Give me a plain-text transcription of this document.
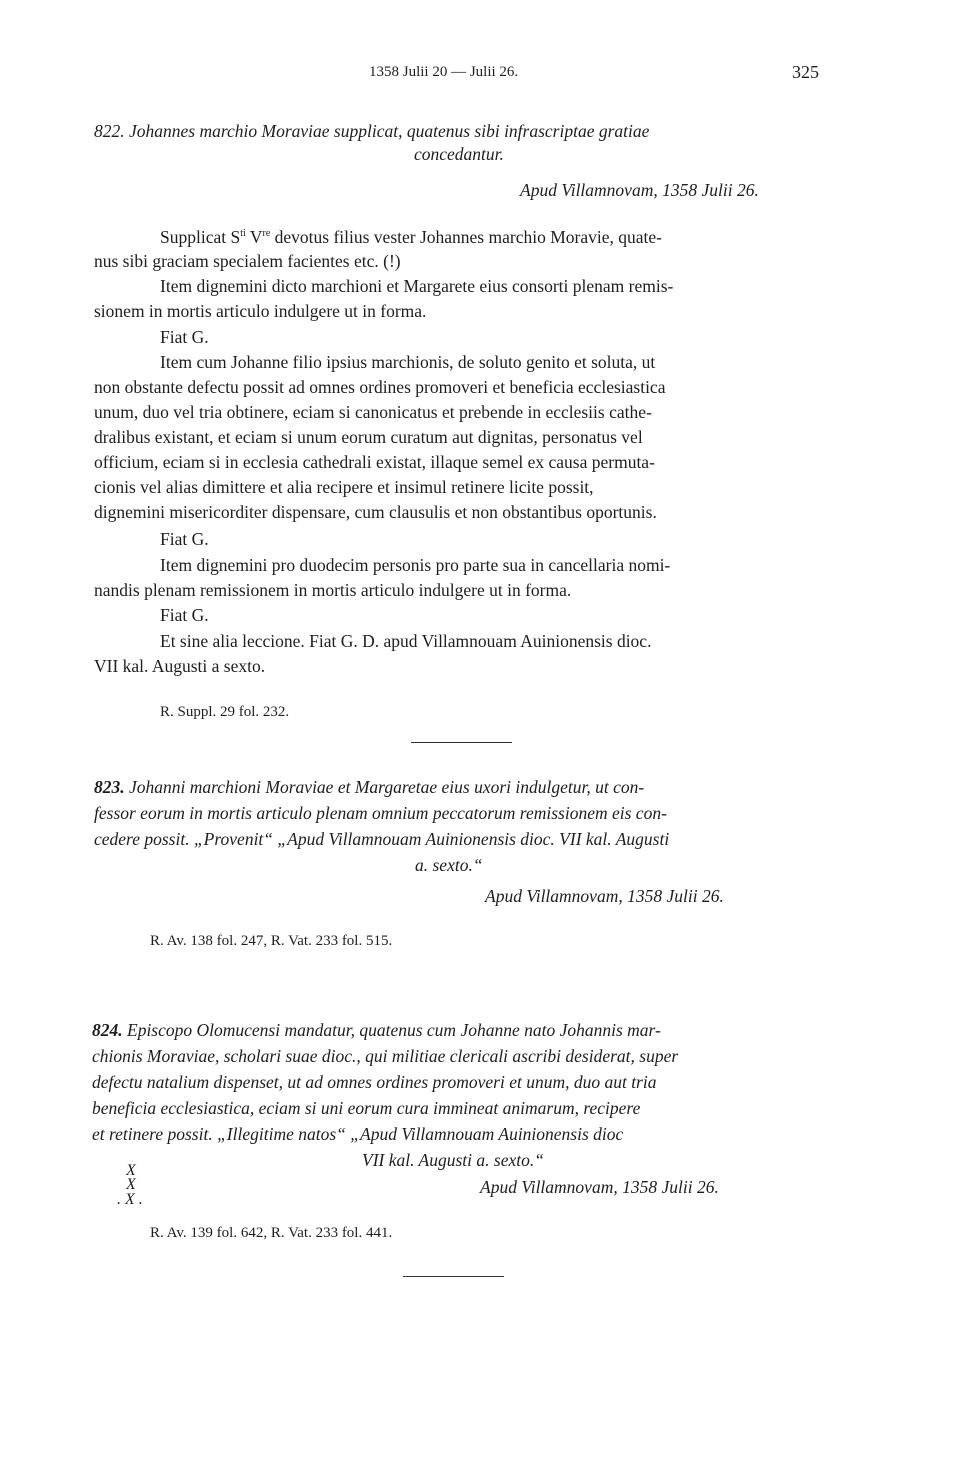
1358 Julii 20 — Julii 26.	325
822. Johannes marchio Moraviae supplicat, quatenus sibi infrascriptae gratiae
concedantur.
Apud Villamnovam, 1358 Julii 26.
Supplicat $S^{ti}$ Vre devotus filius vester Johannes marchio Moravie, quate-
nus sibi graciam specialem facientes etc. (!)
Item dignemini dicto marchioni et Margarete eius consorti plenam remis-
sionem in mortis articulo indulgere ut in forma.
Fiat G.
Item cum Johanne filio ipsius marchionis, de soluto genito et soluta, ut
non obstante defectu possit ad omnes ordines promoveri et beneficia ecclesiastica
unum, duo vel tria obtinere, eciam si canonicatus et prebende in ecclesiis cathe-
dralibus existant, et eciam si unum eorum curatum aut dignitas, personatus vel
officium, eciam si in ecclesia cathedrali existat, illaque semel ex causa permuta-
cionis vel alias dimittere et alia recipere et insimul retinere licite possit,
dignemini misericorditer dispensare, cum clausulis et non obstantibus oportunis.
Fiat G.
Item dignemini pro duodecim personis pro parte sua in cancellaria nomi-
nandis plenam remissionem in mortis articulo indulgere ut in forma.
Fiat G.
Et sine alia leccione. Fiat G. D. apud Villamnouam Auinionensis dioc.
VII kal. Augusti a sexto.
R. Suppl. 29 fol. 232.
823. Johanni marchioni Moraviae et Margaretae eius uxori indulgetur, ut con-
fessor eorum in mortis articulo plenam omnium peccatorum remissionem eis con-
cedere possit. „Provenit“ „Apud Villamnouam Auinionensis dioc. VII kal. Augusti
a. sexto.“
Apud Villamnovam, 1358 Julii 26.
R. Av. 138 fol. 247, R. Vat. 233 fol. 515.
824. Episcopo Olomucensi mandatur, quatenus cum Johanne nato Johannis mar-
chionis Moraviae, scholari suae dioc., qui militiae clericali ascribi desiderat, super
defectu natalium dispenset, ut ad omnes ordines promoveri et unum, duo aut tria
beneficia ecclesiastica, eciam si uni eorum cura immineat animarum, recipere
et retinere possit. „Illegitime natos“ „Apud Villamnouam Auinionensis dioc
VII kal. Augusti a. sexto.“
X
X
. X .
Apud Villamnovam, 1358 Julii 26.
R. Av. 139 fol. 642, R. Vat. 233 fol. 441.
